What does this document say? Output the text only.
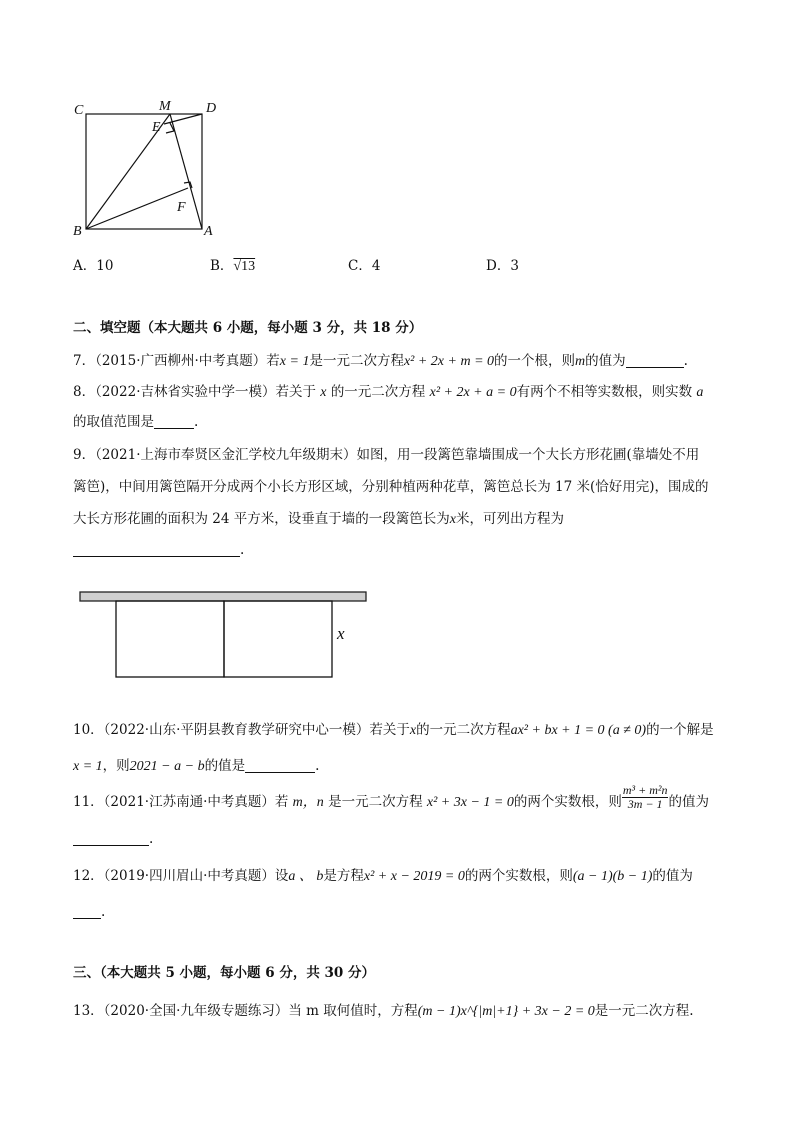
C	M	D
E
F
B	A
A．10	B．√13	C．4	D．3
二、填空题（本大题共 6 小题，每小题 3 分，共 18 分）
7．（2015·广西柳州·中考真题）若x = 1是一元二次方程x² + 2x + m = 0的一个根，则m的值为	.
8．（2022·吉林省实验中学一模）若关于 x 的一元二次方程 x² + 2x + a = 0有两个不相等实数根，则实数 a
的取值范围是	.
9．（2021·上海市奉贤区金汇学校九年级期末）如图，用一段篱笆靠墙围成一个大长方形花圃(靠墙处不用
篱笆)，中间用篱笆隔开分成两个小长方形区域，分别种植两种花草，篱笆总长为 17 米(恰好用完)，围成的
大长方形花圃的面积为 24 平方米，设垂直于墙的一段篱笆长为x米，可列出方程为
.
x
10．（2022·山东·平阴县教育教学研究中心一模）若关于x的一元二次方程ax² + bx + 1 = 0 (a ≠ 0)的一个解是
x = 1，则2021 − a − b的值是	.
11．（2021·江苏南通·中考真题）若 m，n 是一元二次方程 x² + 3x − 1 = 0的两个实数根，则 $\frac{\text{m³ + m²n}}{3m - 1}$ 的值为
.
12．（2019·四川眉山·中考真题）设a 、 b是方程x² + x − 2019 = 0的两个实数根，则(a − 1)(b − 1)的值为
.
三、（本大题共 5 小题，每小题 6 分，共 30 分）
13．（2020·全国·九年级专题练习）当 m 取何值时，方程(m − 1)x^{|m|+1} + 3x − 2 = 0是一元二次方程.
